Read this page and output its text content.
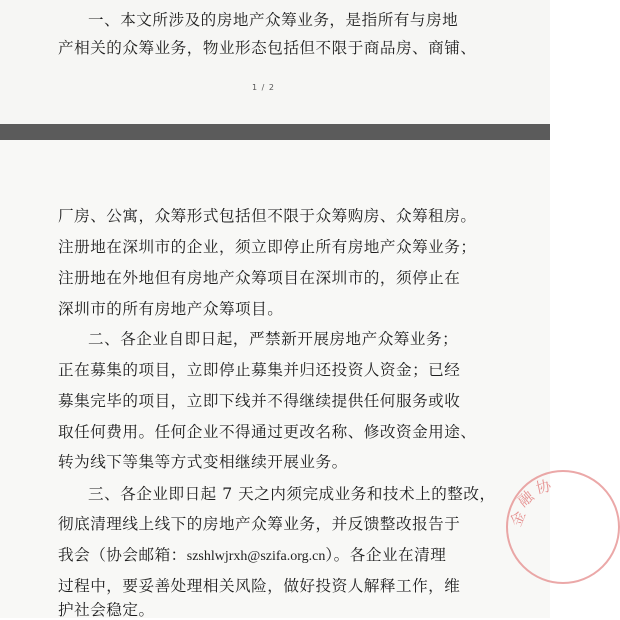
一、本文所涉及的房地产众筹业务，是指所有与房地
产相关的众筹业务，物业形态包括但不限于商品房、商铺、
1 / 2
厂房、公寓，众筹形式包括但不限于众筹购房、众筹租房。
注册地在深圳市的企业，须立即停止所有房地产众筹业务；
注册地在外地但有房地产众筹项目在深圳市的，须停止在
深圳市的所有房地产众筹项目。
二、各企业自即日起，严禁新开展房地产众筹业务；
正在募集的项目，立即停止募集并归还投资人资金；已经
募集完毕的项目，立即下线并不得继续提供任何服务或收
取任何费用。任何企业不得通过更改名称、修改资金用途、
转为线下等集等方式变相继续开展业务。
三、各企业即日起 7 天之内须完成业务和技术上的整改，
彻底清理线上线下的房地产众筹业务，并反馈整改报告于
我会（协会邮箱：szshlwjrxh@szifa.org.cn）。各企业在清理
过程中，要妥善处理相关风险，做好投资人解释工作，维
护社会稳定。
金
融
协
